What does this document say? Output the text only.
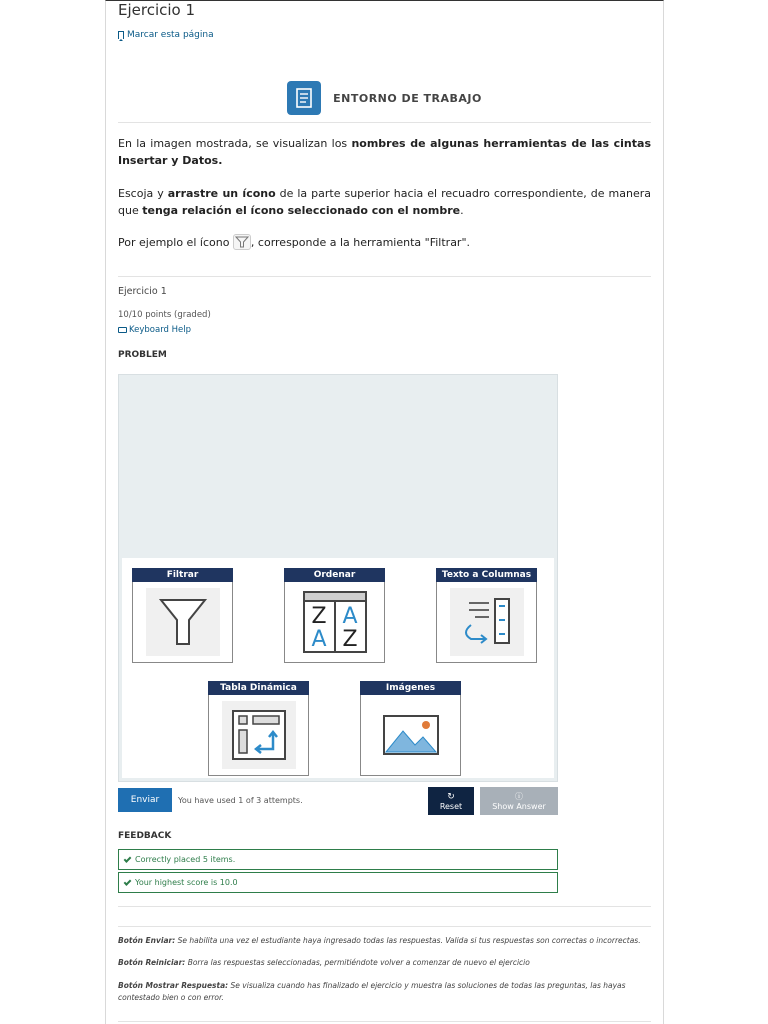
Ejercicio 1
Marcar esta página
ENTORNO DE TRABAJO
En la imagen mostrada, se visualizan los nombres de algunas herramientas de las cintas Insertar y Datos.
Escoja y arrastre un ícono de la parte superior hacia el recuadro correspondiente, de manera que tenga relación el ícono seleccionado con el nombre.
Por ejemplo el ícono , corresponde a la herramienta "Filtrar".
Ejercicio 1
10/10 points (graded)
Keyboard Help
PROBLEM
Filtrar	Ordenar
Z A
A Z
Texto a Columnas
Tabla Dinámica	Imágenes
Enviar	You have used 1 of 3 attempts.	↻
Reset
ⓘ
Show Answer
FEEDBACK
Correctly placed 5 items.
Your highest score is 10.0
Botón Enviar: Se habilita una vez el estudiante haya ingresado todas las respuestas. Valida si tus respuestas son correctas o incorrectas.
Botón Reiniciar: Borra las respuestas seleccionadas, permitiéndote volver a comenzar de nuevo el ejercicio
Botón Mostrar Respuesta: Se visualiza cuando has finalizado el ejercicio y muestra las soluciones de todas las preguntas, las hayas contestado bien o con error.
